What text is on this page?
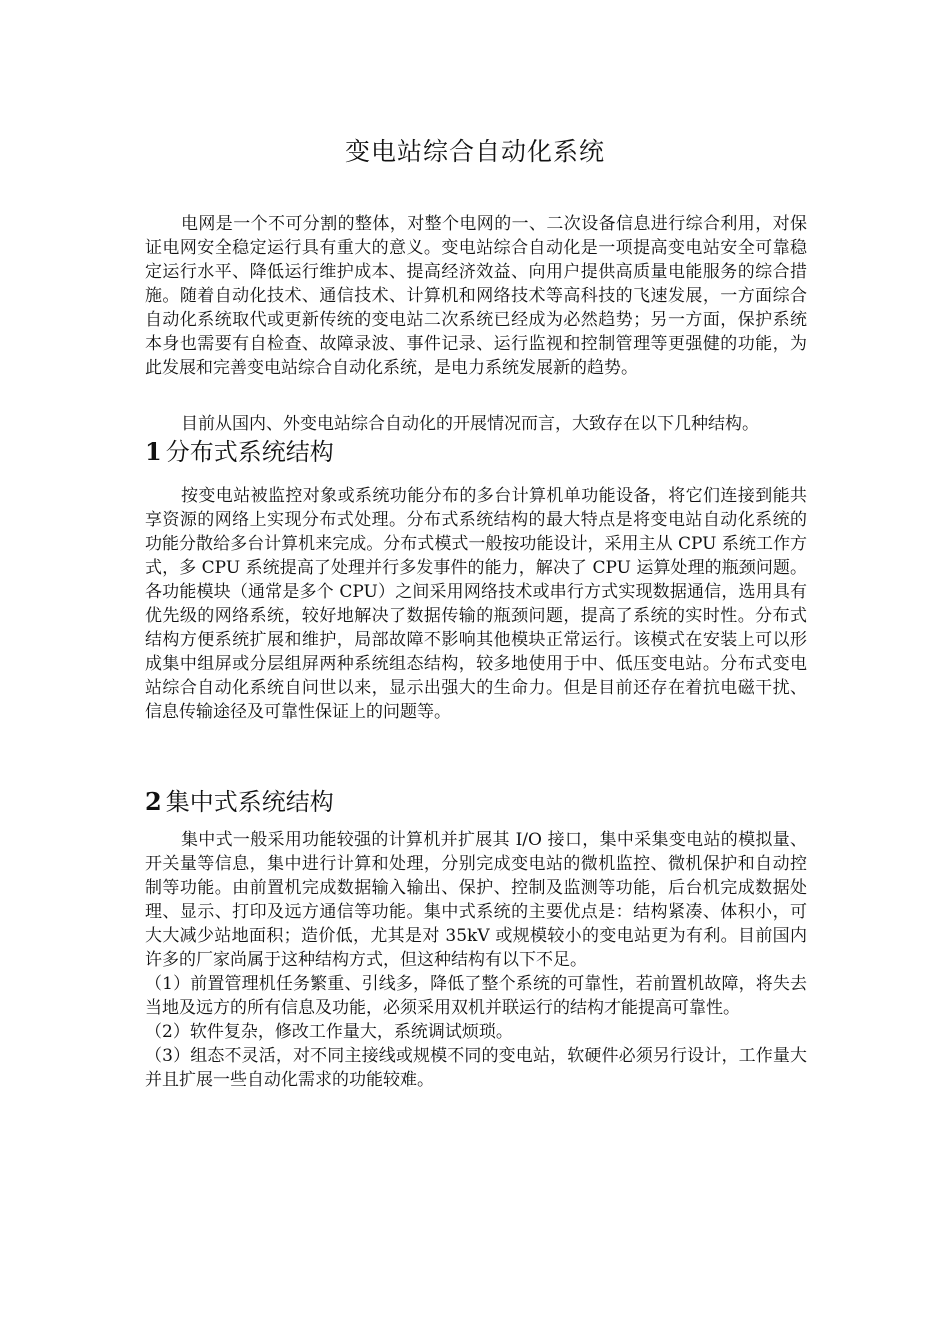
变电站综合自动化系统

电网是一个不可分割的整体，对整个电网的一、二次设备信息进行综合利用，对保证电网安全稳定运行具有重大的意义。变电站综合自动化是一项提高变电站安全可靠稳定运行水平、降低运行维护成本、提高经济效益、向用户提供高质量电能服务的综合措施。随着自动化技术、通信技术、计算机和网络技术等高科技的飞速发展，一方面综合自动化系统取代或更新传统的变电站二次系统已经成为必然趋势；另一方面，保护系统本身也需要有自检查、故障录波、事件记录、运行监视和控制管理等更强健的功能，为此发展和完善变电站综合自动化系统，是电力系统发展新的趋势。

目前从国内、外变电站综合自动化的开展情况而言，大致存在以下几种结构。

1 分布式系统结构

按变电站被监控对象或系统功能分布的多台计算机单功能设备，将它们连接到能共享资源的网络上实现分布式处理。分布式系统结构的最大特点是将变电站自动化系统的功能分散给多台计算机来完成。分布式模式一般按功能设计，采用主从 CPU 系统工作方式，多 CPU 系统提高了处理并行多发事件的能力，解决了 CPU 运算处理的瓶颈问题。各功能模块（通常是多个 CPU）之间采用网络技术或串行方式实现数据通信，选用具有优先级的网络系统，较好地解决了数据传输的瓶颈问题，提高了系统的实时性。分布式结构方便系统扩展和维护，局部故障不影响其他模块正常运行。该模式在安装上可以形成集中组屏或分层组屏两种系统组态结构，较多地使用于中、低压变电站。分布式变电站综合自动化系统自问世以来，显示出强大的生命力。但是目前还存在着抗电磁干扰、信息传输途径及可靠性保证上的问题等。

2 集中式系统结构

集中式一般采用功能较强的计算机并扩展其 I/O 接口，集中采集变电站的模拟量、开关量等信息，集中进行计算和处理，分别完成变电站的微机监控、微机保护和自动控制等功能。由前置机完成数据输入输出、保护、控制及监测等功能，后台机完成数据处理、显示、打印及远方通信等功能。集中式系统的主要优点是：结构紧凑、体积小，可大大减少站地面积；造价低，尤其是对 35kV 或规模较小的变电站更为有利。目前国内许多的厂家尚属于这种结构方式，但这种结构有以下不足。

（1）前置管理机任务繁重、引线多，降低了整个系统的可靠性，若前置机故障，将失去当地及远方的所有信息及功能，必须采用双机并联运行的结构才能提高可靠性。

（2）软件复杂，修改工作量大，系统调试烦琐。

（3）组态不灵活，对不同主接线或规模不同的变电站，软硬件必须另行设计，工作量大并且扩展一些自动化需求的功能较难。
